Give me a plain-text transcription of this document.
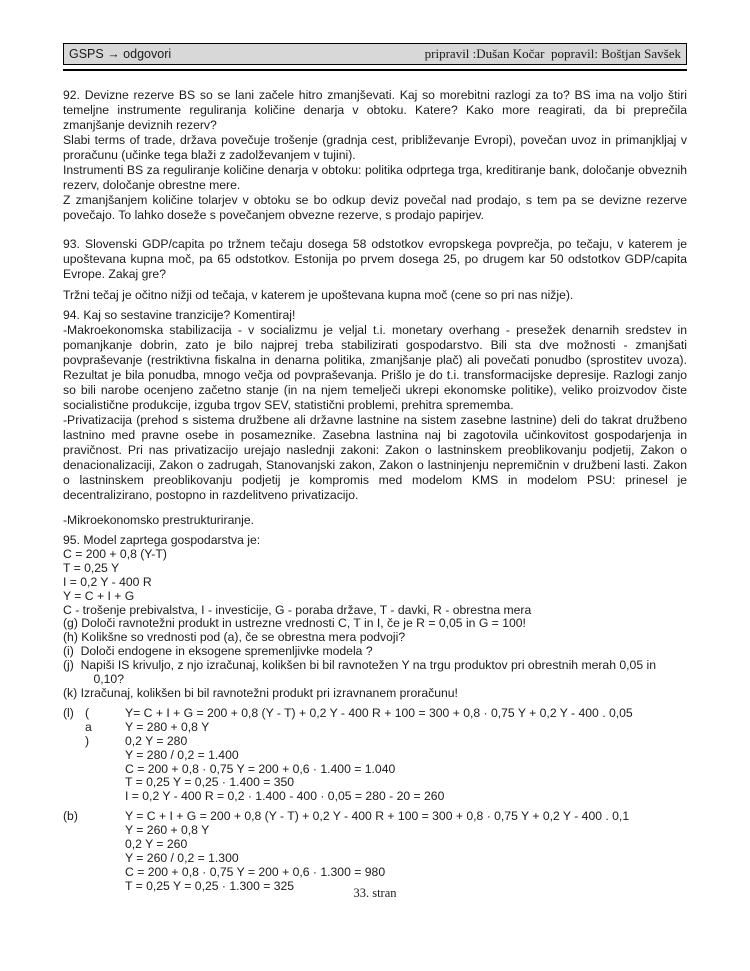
GSPS → odgovori	pripravil :Dušan Kočar  popravil: Boštjan Savšek

92. Devizne rezerve BS so se lani začele hitro zmanjševati. Kaj so morebitni razlogi za to? BS ima na voljo štiri temeljne instrumente reguliranja količine denarja v obtoku. Katere? Kako more reagirati, da bi preprečila zmanjšanje deviznih rezerv?

Slabi terms of trade, država povečuje trošenje (gradnja cest, približevanje Evropi), povečan uvoz in primanjkljaj v proračunu (učinke tega blaži z zadolževanjem v tujini).

Instrumenti BS za reguliranje količine denarja v obtoku: politika odprtega trga, kreditiranje bank, določanje obveznih rezerv, določanje obrestne mere.

Z zmanjšanjem količine tolarjev v obtoku se bo odkup deviz povečal nad prodajo, s tem pa se devizne rezerve povečajo. To lahko doseže s povečanjem obvezne rezerve, s prodajo papirjev.

93. Slovenski GDP/capita po tržnem tečaju dosega 58 odstotkov evropskega povprečja, po tečaju, v katerem je upoštevana kupna moč, pa 65 odstotkov. Estonija po prvem dosega 25, po drugem kar 50 odstotkov GDP/capita Evrope. Zakaj gre?

Tržni tečaj je očitno nižji od tečaja, v katerem je upoštevana kupna moč (cene so pri nas nižje).

94. Kaj so sestavine tranzicije? Komentiraj!

-Makroekonomska stabilizacija - v socializmu je veljal t.i. monetary overhang - presežek denarnih sredstev in pomanjkanje dobrin, zato je bilo najprej treba stabilizirati gospodarstvo. Bili sta dve možnosti - zmanjšati povpraševanje (restriktivna fiskalna in denarna politika, zmanjšanje plač) ali povečati ponudbo (sprostitev uvoza). Rezultat je bila ponudba, mnogo večja od povpraševanja. Prišlo je do t.i. transformacijske depresije. Razlogi zanjo so bili narobe ocenjeno začetno stanje (in na njem temelječi ukrepi ekonomske politike), veliko proizvodov čiste socialistične produkcije, izguba trgov SEV, statistični problemi, prehitra sprememba.

-Privatizacija (prehod s sistema družbene ali državne lastnine na sistem zasebne lastnine) deli do takrat družbeno lastnino med pravne osebe in posameznike. Zasebna lastnina naj bi zagotovila učinkovitost gospodarjenja in pravičnost. Pri nas privatizacijo urejajo naslednji zakoni: Zakon o lastninskem preoblikovanju podjetij, Zakon o denacionalizaciji, Zakon o zadrugah, Stanovanjski zakon, Zakon o lastninjenju nepremičnin v družbeni lasti. Zakon o lastninskem preoblikovanju podjetij je kompromis med modelom KMS in modelom PSU: prinesel je decentralizirano, postopno in razdelitveno privatizacijo.

-Mikroekonomsko prestrukturiranje.

95. Model zaprtega gospodarstva je:
C = 200 + 0,8 (Y-T)
T = 0,25 Y
I = 0,2 Y - 400 R
Y = C + I + G
C - trošenje prebivalstva, I - investicije, G - poraba države, T - davki, R - obrestna mera
(g) Določi ravnotežni produkt in ustrezne vrednosti C, T in I, če je R = 0,05 in G = 100!
(h) Kolikšne so vrednosti pod (a), če se obrestna mera podvoji?
(i)  Določi endogene in eksogene spremenljivke modela ?
(j)  Napiši IS krivuljo, z njo izračunaj, kolikšen bi bil ravnotežen Y na trgu produktov pri obrestnih merah 0,05 in
0,10?
(k) Izračunaj, kolikšen bi bil ravnotežni produkt pri izravnanem proračunu!
(l) (	Y= C + I + G = 200 + 0,8 (Y - T) + 0,2 Y - 400 R + 100 = 300 + 0,8 · 0,75 Y + 0,2 Y - 400 . 0,05
a	Y = 280 + 0,8 Y
)	0,2 Y = 280
Y = 280 / 0,2 = 1.400
C = 200 + 0,8 · 0,75 Y = 200 + 0,6 · 1.400 = 1.040
T = 0,25 Y = 0,25 · 1.400 = 350
I = 0,2 Y - 400 R = 0,2 · 1.400 - 400 · 0,05 = 280 - 20 = 260
(b)	Y = C + I + G = 200 + 0,8 (Y - T) + 0,2 Y - 400 R + 100 = 300 + 0,8 · 0,75 Y + 0,2 Y - 400 . 0,1
Y = 260 + 0,8 Y
0,2 Y = 260
Y = 260 / 0,2 = 1.300
C = 200 + 0,8 · 0,75 Y = 200 + 0,6 · 1.300 = 980
T = 0,25 Y = 0,25 · 1.300 = 325
33. stran
